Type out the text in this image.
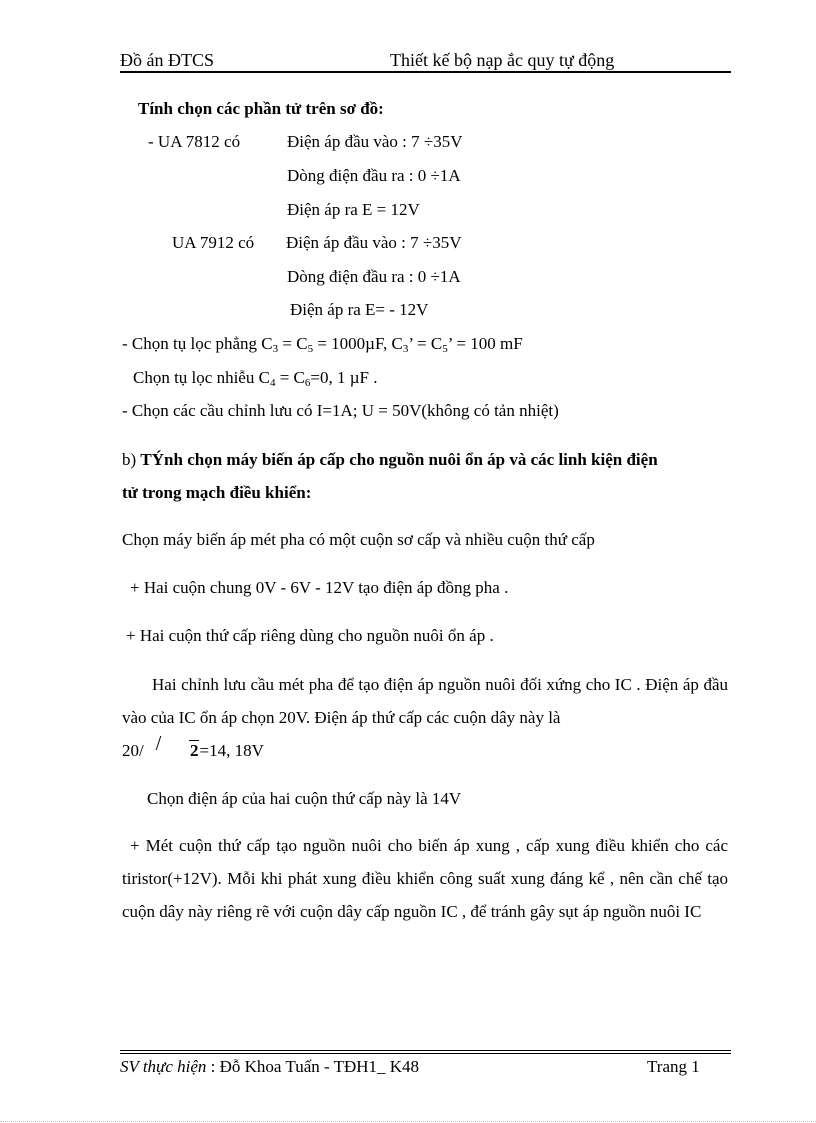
Đồ án ĐTCS	Thiết kế bộ nạp ắc quy tự động
Tính chọn các phần tử trên sơ đồ:
- UA 7812 có	Điện áp đầu vào : 7 ÷35V
Dòng điện đầu ra : 0 ÷1A
Điện áp ra E = 12V
UA 7912 có Điện áp đầu vào : 7 ÷35V
Dòng điện đầu ra : 0 ÷1A
Điện áp ra E= - 12V
- Chọn tụ lọc phẳng $C_3 = C_5 = 1000\mu F$, $C_3$’ = $C_5$’ = 100 mF
Chọn tụ lọc nhiễu $C_4 = C_6=0$, 1 µF .
- Chọn các cầu chỉnh lưu có I=1A; U = 50V(không có tản nhiệt)
b) TÝnh chọn máy biến áp cấp cho nguồn nuôi ổn áp và các linh kiện điện
tử trong mạch điều khiển:
Chọn máy biến áp mét pha có một cuộn sơ cấp và nhiều cuộn thứ cấp
+ Hai cuộn chung 0V - 6V - 12V tạo điện áp đồng pha .
+ Hai cuộn thứ cấp riêng dùng cho nguồn nuôi ổn áp .
Hai chỉnh lưu cầu mét pha để tạo điện áp nguồn nuôi đối xứng cho IC . Điện áp đầu vào của IC ổn áp chọn 20V. Điện áp thứ cấp các cuộn dây này là
20/ 2=14, 18V
Chọn điện áp của hai cuộn thứ cấp này là 14V
+ Mét cuộn thứ cấp tạo nguồn nuôi cho biến áp xung , cấp xung điều khiển cho các tiristor(+12V). Mỗi khi phát xung điều khiển công suất xung đáng kể , nên cần chế tạo cuộn dây này riêng rẽ với cuộn dây cấp nguồn IC , để tránh gây sụt áp nguồn nuôi IC
SV thực hiện : Đỗ Khoa Tuấn - TĐH1_ K48	Trang 1
